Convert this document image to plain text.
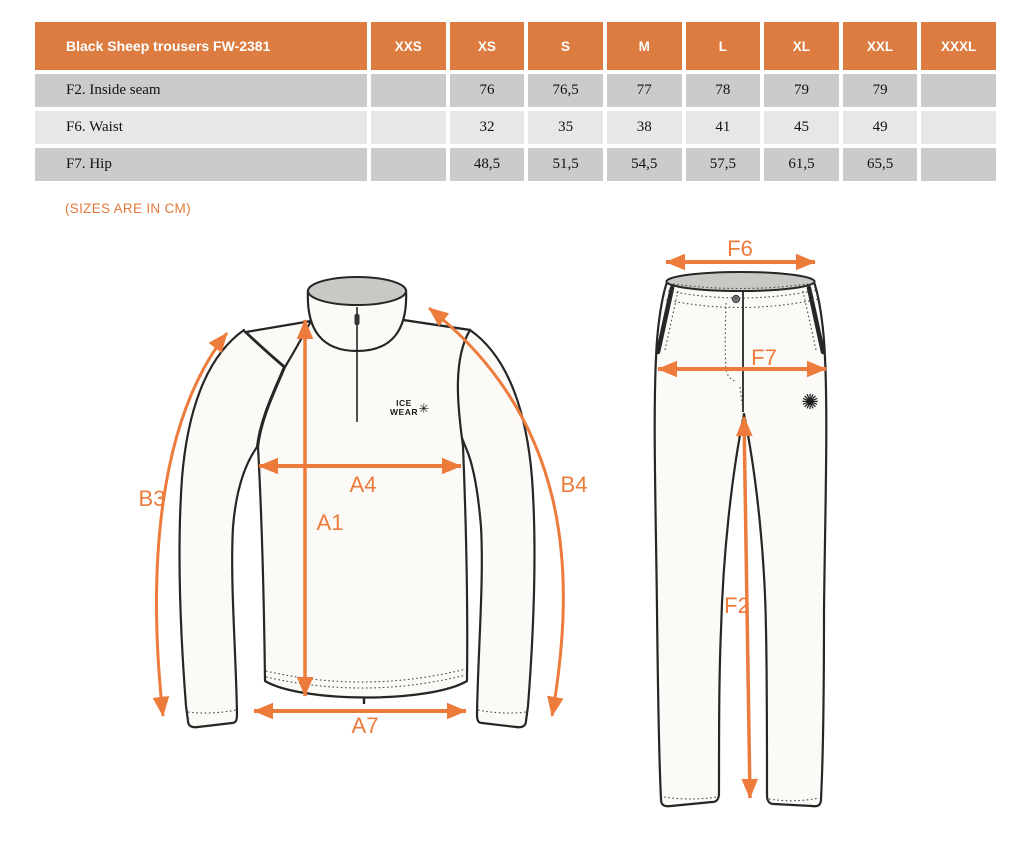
Black Sheep trousers FW-2381	XXS	XS	S	M	L	XL	XXL	XXXL
F2. Inside seam		76	76,5	77	78	79	79	
F6. Waist		32	35	38	41	45	49	
F7. Hip		48,5	51,5	54,5	57,5	61,5	65,5	
(SIZES ARE IN CM)
ICE
WEAR ✳
B3
B4
A4
A1
A7
✺
F6
F7
F2
